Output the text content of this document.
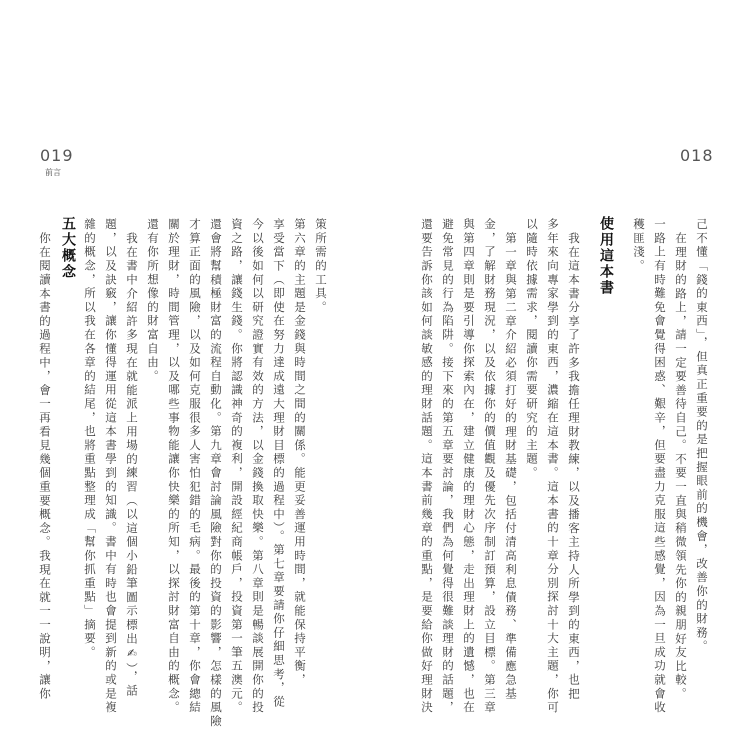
019
前言
策所需的工具。
第六章的主題是金錢與時間之間的關係。能更妥善運用時間，就能保持平衡，
享受當下（即使在努力達成遠大理財目標的過程中）。第七章要請你仔細思考，從
今以後如何以研究證實有效的方法，以金錢換取快樂。第八章則是暢談展開你的投
資之路，讓錢生錢。你將認識神奇的複利，開設經紀商帳戶，投資第一筆五澳元。
還會將幫積極財富的流程自動化。第九章會討論風險對你的投資的影響，怎樣的風險
才算正面的風險，以及如何克服很多人害怕犯錯的毛病。最後的第十章，你會總結
關於理財，時間管理，以及哪些事物能讓你快樂的所知，以探討財富自由的概念。
還有你所想像的財富自由。
我在書中介紹許多現在就能派上用場的練習（以這個小鉛筆圖示標出✍），話
題，以及訣竅，讓你懂得運用從這本書學到的知識。書中有時也會提到新的或是複
雜的概念，所以我在各章的結尾，也將重點整理成「幫你抓重點」摘要。
五大概念
你在閱讀本書的過程中，會一再看見幾個重要概念。我現在就一一說明，讓你
018
己不懂「錢的東西」，但真正重要的是把握眼前的機會，改善你的財務。
在理財的路上，請一定要善待自己。不要一直與稍微領先你的親朋好友比較。
一路上有時難免會覺得困惑、艱辛，但要盡力克服這些感覺，因為一旦成功就會收
穫匪淺。
使用這本書
我在這本書分享了許多我擔任理財教練，以及播客主持人所學到的東西，也把
多年來向專家學到的東西，濃縮在這本書。這本書的十章分別探討十大主題，你可
以隨時依據需求，閱讀你需要研究的主題。
第一章與第二章介紹必須打好的理財基礎，包括付清高利息債務、準備應急基
金，了解財務現況，以及依據你的價值觀及優先次序制訂預算，設立目標。第三章
與第四章則是要引導你探索內在，建立健康的理財心態，走出理財上的遺憾，也在
避免常見的行為陷阱。接下來的第五章要討論，我們為何覺得很難談理財的話題，
還要告訴你該如何談敏感的理財話題。這本書前幾章的重點，是要給你做好理財決
